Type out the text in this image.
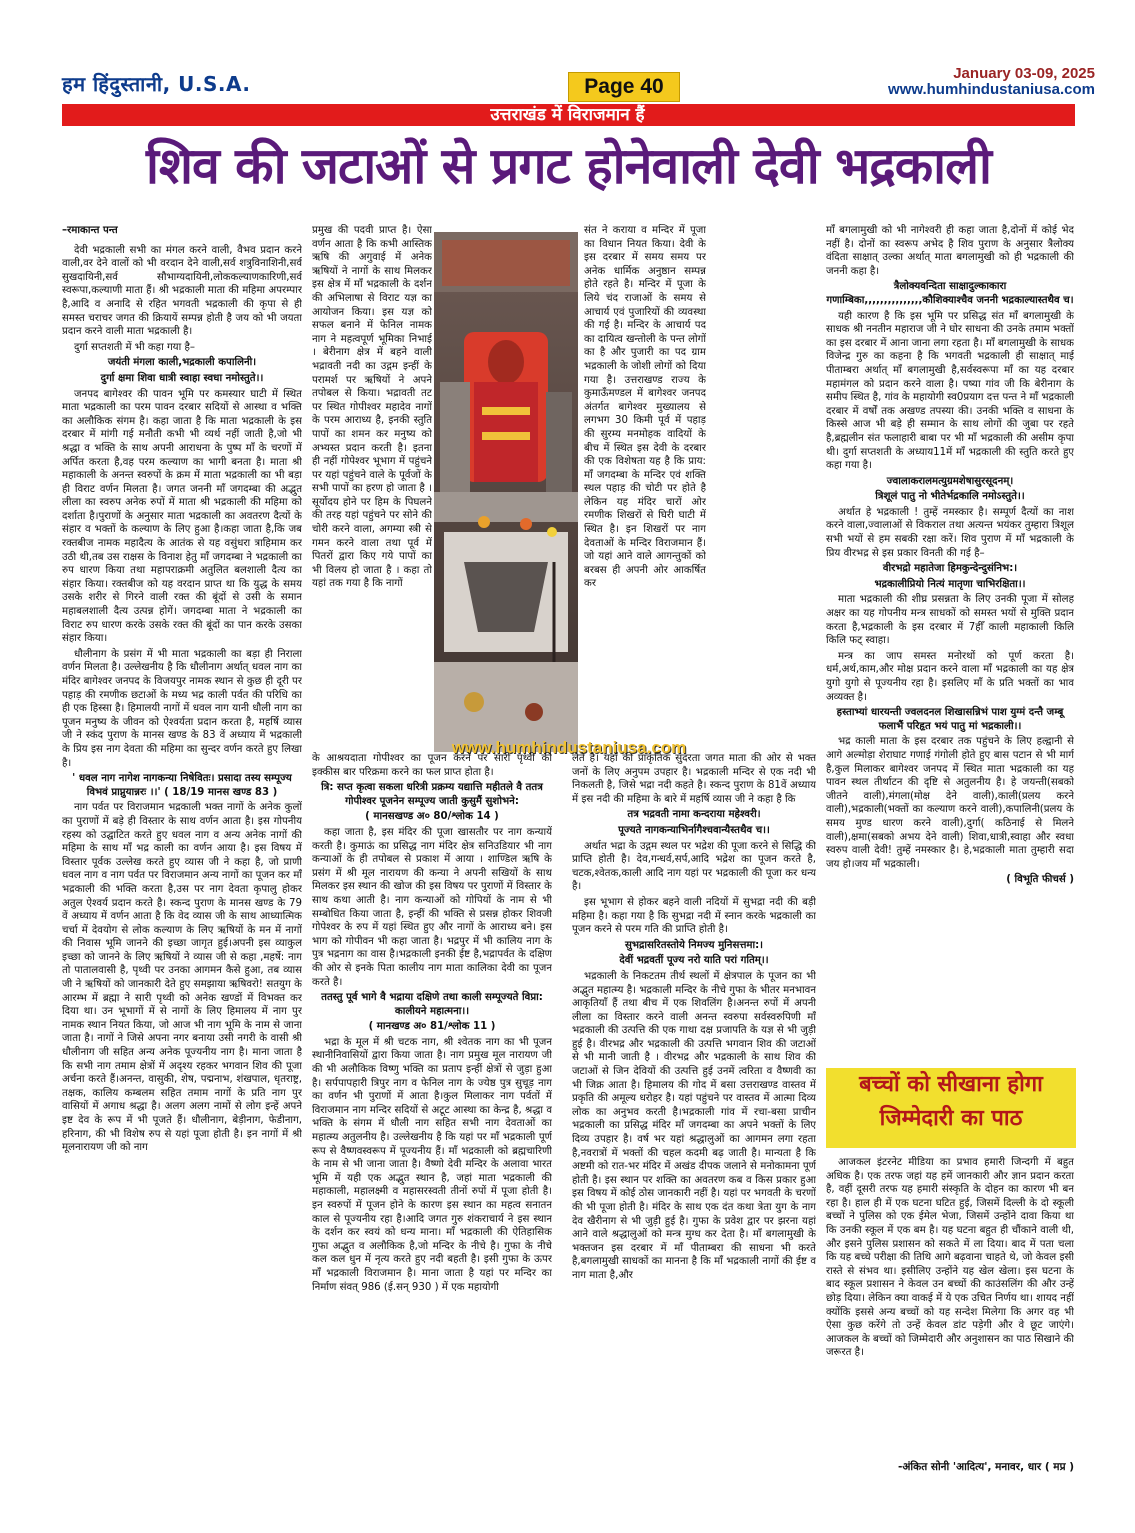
हम हिंदुस्तानी, U.S.A.	Page 40
January 03-09, 2025
www.humhindustaniusa.com
उत्तराखंड में विराजमान हैं
शिव की जटाओं से प्रगट होनेवाली देवी भद्रकाली

–रमाकान्त पन्त

देवी भद्रकाली सभी का मंगल करने वाली, वैभव प्रदान करने वाली,वर देने वालों को भी वरदान देने वाली,सर्व शत्रुविनाशिनी,सर्व सुखदायिनी,सर्व सौभाग्यदायिनी,लोककल्याणकारिणी,सर्व स्वरूपा,कल्याणी माता हैं। श्री भद्रकाली माता की महिमा अपरम्पार है,आदि व अनादि से रहित भगवती भद्रकाली की कृपा से ही समस्त चराचर जगत की क्रियायें सम्पन्न होती है जय को भी जयता प्रदान करने वाली माता भद्रकाली है।

दुर्गा सप्तशती में भी कहा गया है–

जयंती मंगला काली,भद्रकाली कपालिनी।

दुर्गा क्षमा शिवा धात्री स्वाहा स्वधा नमोस्तुते।।

जनपद बागेश्वर की पावन भूमि पर कमस्यार घाटी में स्थित माता भद्रकाली का परम पावन दरबार सदियों से आस्था व भक्ति का अलौकिक संगम है। कहा जाता है कि माता भद्रकाली के इस दरबार में मांगी गई मनौती कभी भी व्यर्थ नहीं जाती है,जो भी श्रद्धा व भक्ति के साथ अपनी आराधना के पुष्प माँ के चरणों में अर्पित करता है,वह परम कल्याण का भागी बनता है। माता श्री महाकाली के अनन्त स्वरुपों के क्रम में माता भद्रकाली का भी बड़ा ही विराट वर्णन मिलता है। जगत जननी माँ जगदम्बा की अद्भुत लीला का स्वरुप अनेक रुपों में माता श्री भद्रकाली की महिमा को दर्शाता है।पुराणों के अनुसार माता भद्रकाली का अवतरण दैत्यों के संहार व भक्तों के कल्याण के लिए हुआ है।कहा जाता है,कि जब रक्तबीज नामक महादैत्य के आतंक से यह वसुंधरा त्राहिमाम कर उठी थी,तब उस राक्षस के विनाश हेतु माँ जगदम्बा ने भद्रकाली का रुप धारण किया तथा महापराक्रमी अतुलित बलशाली दैत्य का संहार किया। रक्तबीज को यह वरदान प्राप्त था कि युद्ध के समय उसके शरीर से गिरने वाली रक्त की बूंदों से उसी के समान महाबलशाली दैत्य उत्पन्न होगें। जगदम्बा माता ने भद्रकाली का विराट रुप धारण करके उसके रक्त की बूंदों का पान करके उसका संहार किया।

धौलीनाग के प्रसंग में भी माता भद्रकाली का बड़ा ही निराला वर्णन मिलता है। उल्लेखनीय है कि धौलीनाग अर्थात् धवल नाग का मंदिर बागेश्वर जनपद के विजयपुर नामक स्थान से कुछ ही दूरी पर पहाड़ की रमणीक छटाओं के मध्य भद्र काली पर्वत की परिधि का ही एक हिस्सा है। हिमालयी नागों में धवल नाग यानी धौली नाग का पूजन मनुष्य के जीवन को ऐश्वर्यता प्रदान करता है, महर्षि व्यास जी ने स्कंद पुराण के मानस खण्ड के 83 वें अध्याय में भद्रकाली के प्रिय इस नाग देवता की महिमा का सुन्दर वर्णन करते हुए लिखा है।

' धवल नाग नागेश नागकन्या निषेवितः। प्रसादा तस्य सम्पूज्य विभवं प्राप्नुयान्नरः ।।' ( 18/19 मानस खण्ड 83 )

नाग पर्वत पर विराजमान भद्रकाली भक्त नागों के अनेक कुलों का पुराणों में बड़े ही विस्तार के साथ वर्णन आता है। इस गोपनीय रहस्य को उद्घाटित करते हुए धवल नाग व अन्य अनेक नागों की महिमा के साथ माँ भद्र काली का वर्णन आया है। इस विषय में विस्तार पूर्वक उल्लेख करते हुए व्यास जी ने कहा है, जो प्राणी धवल नाग व नाग पर्वत पर विराजमान अन्य नागों का पूजन कर माँ भद्रकाली की भक्ति करता है,उस पर नाग देवता कृपालु होकर अतुल ऐश्वर्य प्रदान करते है। स्कन्द पुराण के मानस खण्ड के 79 वें अध्याय में वर्णन आता है कि वेद व्यास जी के साथ आध्यात्मिक चर्चा में देवयोग से लोक कल्याण के लिए ऋषियों के मन में नागों की निवास भूमि जानने की इच्छा जागृत हुई।अपनी इस व्याकुल इच्छा को जानने के लिए ऋषियों ने व्यास जी से कहा ,महर्षे: नाग तो पातालवासी है, पृथ्वी पर उनका आगमन कैसे हुआ, तब व्यास जी ने ऋषियों को जानकारी देते हुए समझाया ऋषिवरो! सतयुग के आरम्भ में ब्रह्मा ने सारी पृथ्वी को अनेक खण्डों में विभक्त कर दिया था। उन भूभागों में से नागों के लिए हिमालय में नाग पुर नामक स्थान नियत किया, जो आज भी नाग भूमि के नाम से जाना जाता है। नागों ने जिसे अपना नगर बनाया उसी नगरी के वासी श्री धौलीनाग जी सहित अन्य अनेक पूज्यनीय नाग है। माना जाता है कि सभी नाग तमाम क्षेत्रों में अदृश्य रहकर भगवान शिव की पूजा अर्चना करते हैं।अनन्त, वासुकी, शेष, पद्मनाभ, शंखपाल, धृतराष्ट्र, तक्षक, कालिय कम्बलम सहित तमाम नागों के प्रति नाग पुर वासियों में अगाध श्रद्धा है। अलग अलग नामों से लोग इन्हें अपने इष्ट देव के रूप में भी पूजते हैं। धौलीनाग, बेड़ीनाग, फेडीनाग, हरिनाग, की भी विशेष रुप से यहां पूजा होती है। इन नागों में श्री मूलनारायण जी को नाग

प्रमुख की पदवी प्राप्त है। ऐसा वर्णन आता है कि कभी आस्तिक ऋषि की अगुवाई में अनेक ऋषियों ने नागों के साथ मिलकर इस क्षेत्र में माँ भद्रकाली के दर्शन की अभिलाषा से विराट यज्ञ का आयोजन किया। इस यज्ञ को सफल बनाने में फेनिल नामक नाग ने महत्वपूर्ण भूमिका निभाई । बेरीनाग क्षेत्र में बहने वाली भद्रावती नदी का उद्गम इन्हीं के परामर्श पर ऋषियों ने अपने तपोबल से किया। भद्रावती तट पर स्थित गोपीश्वर महादेव नागों के परम आराध्य है, इनकी स्तुति पापों का शमन कर मनुष्य को अभ्यस्त प्रदान करती है। इतना ही नहीं गोपेश्वर भूभाग में पहुंचने पर यहां पहुंचने वाले के पूर्वजों के सभी पापों का हरण हो जाता है । सूर्योदय होने पर हिम के पिघलने की तरह यहां पहुंचने पर सोने की चोरी करने वाला, अगम्या स्त्री से गमन करने वाला तथा पूर्व में पितरों द्वारा किए गये पापों का भी विलय हो जाता है । कहा तो यहां तक गया है कि नागों

www.humhindustaniusa.com

के आश्रयदाता गोपीश्वर का पूजन करने पर सारी पृथ्वी की इक्कीस बार परिक्रमा करने का फल प्राप्त होता है।

त्रि: सप्त कृत्वा सकला धरित्री प्रक्रम्य यद्यात्ति महीतले वै ततत्र गोपीश्वर पूजनेन सम्पूज्य जाती कुसुमैं सुशोभने:

( मानसखण्ड अ० 80/श्लोक 14 )

कहा जाता है, इस मंदिर की पूजा खासतौर पर नाग कन्यायें करती है। कुमाऊं का प्रसिद्ध नाग मंदिर क्षेत्र सनिउडियार भी नाग कन्याओं के ही तपोबल से प्रकाश में आया । शाण्डिल ऋषि के प्रसंग में श्री मूल नारायण की कन्या ने अपनी सखियों के साथ मिलकर इस स्थान की खोज की इस विषय पर पुराणों में विस्तार के साथ कथा आती है। नाग कन्याओं को गोपियों के नाम से भी सम्बोधित किया जाता है, इन्हीं की भक्ति से प्रसन्न होकर शिवजी गोपेश्वर के रुप में यहां स्थित हुए और नागों के आराध्य बने। इस भाग को गोपीवन भी कहा जाता है। भद्रपुर में भी कालिय नाग के पुत्र भद्रनाग का वास है।भद्रकाली इनकी ईष्ट है,भद्रापर्वत के दक्षिण की ओर से इनके पिता कालीय नाग माता कालिका देवी का पूजन करते है।

ततस्तु पूर्व भागे वै भद्राया दक्षिणे तथा काली सम्पूज्यते विप्रा: कालीयने महात्मना।।

( मानखण्ड अ० 81/श्लोक 11 )

भद्रा के मूल में श्री चटक नाग, श्री श्वेतक नाग का भी पूजन स्थानीनिवासियों द्वारा किया जाता है। नाग प्रमुख मूल नारायण जी की भी अलौकिक विष्णु भक्ति का प्रताप इन्हीं क्षेत्रों से जुड़ा हुआ है। सर्पपापहारी त्रिपुर नाग व फेनिल नाग के ज्येष्ठ पुत्र सुचूड़ नाग का वर्णन भी पुराणों में आता है।कुल मिलाकर नाग पर्वतों में विराजमान नाग मन्दिर सदियों से अटूट आस्था का केन्द्र है, श्रद्धा व भक्ति के संगम में धौली नाग सहित सभी नाग देवताओं का महात्म्य अतुलनीय है। उल्लेखनीय है कि यहां पर माँ भद्रकाली पूर्ण रूप से वैष्णवस्वरूप में पूज्यनीय हैं। माँ भद्रकाली को ब्रह्मचारिणी के नाम से भी जाना जाता है। वैष्णो देवी मन्दिर के अलावा भारत भूमि में यही एक अद्भुत स्थान है, जहां माता भद्रकाली की महाकाली, महालक्ष्मी व महासरस्वती तीनों रुपों में पूजा होती है। इन स्वरुपों में पूजन होने के कारण इस स्थान का महत्व सनातन काल से पूज्यनीय रहा है।आदि जगत गुरु शंकराचार्य ने इस स्थान के दर्शन कर स्वयं को धन्य माना। माँ भद्रकाली की ऐतिहासिक गुफा अद्भुत व अलौकिक है,जो मन्दिर के नीचे है। गुफा के नीचे कल कल धुन में नृत्य करते हुए नदी बहती है। इसी गुफा के ऊपर माँ भद्रकाली विराजमान है। माना जाता है यहां पर मन्दिर का निर्माण संवत् 986 (ई.सन् 930 ) में एक महायोगी

संत ने कराया व मन्दिर में पूजा का विधान नियत किया। देवी के इस दरबार में समय समय पर अनेक धार्मिक अनुष्ठान सम्पन्न होते रहते है। मन्दिर में पूजा के लिये चंद राजाओं के समय से आचार्य एवं पुजारियों की व्यवस्था की गई है। मन्दिर के आचार्य पद का दायित्व खन्तोली के पन्त लोगों का है और पुजारी का पद ग्राम भद्रकाली के जोशी लोगों को दिया गया है। उत्तराखण्ड राज्य के कुमाऊँमण्डल में बागेश्वर जनपद अंतर्गत बागेश्वर मुख्यालय से लगभग 30 किमी पूर्व में पहाड़ की सुरम्य मनमोहक वादियों के बीच में स्थित इस देवी के दरबार की एक विशेषता यह है कि प्राय: माँ जगदम्बा के मन्दिर एवं शक्ति स्थल पहाड़ की चोटी पर होते है लेकिन यह मंदिर चारों ओर रमणीक शिखरों से घिरी घाटी में स्थित है। इन शिखरों पर नाग देवताओं के मन्दिर विराजमान हैं। जो यहां आने वाले आगन्तुकों को बरबस ही अपनी ओर आकर्षित कर

लेते है। यहाँ की प्राकृतिक सुंदरता जगत माता की ओर से भक्त जनों के लिए अनुपम उपहार है। भद्रकाली मन्दिर से एक नदी भी निकलती है, जिसे भद्रा नदी कहते है। स्कन्द पुराण के 81वें अध्याय में इस नदी की महिमा के बारे में महर्षि व्यास जी ने कहा है कि

तत्र भद्रवती नामा कन्दराया महेश्वरी।

पूज्यते नागकन्याभिर्नागैश्चवान्यैस्तथैव च।।

अर्थात भद्रा के उद्गम स्थल पर भद्रेश की पूजा करने से सिद्धि की प्राप्ति होती है। देव,गन्धर्व,सर्प,आदि भद्रेश का पूजन करते है, चटक,श्वेतक,काली आदि नाग यहां पर भद्रकाली की पूजा कर धन्य है।

इस भूभाग से होकर बहने वाली नदियों में सुभद्रा नदी की बड़ी महिमा है। कहा गया है कि सुभद्रा नदी में स्नान करके भद्रकाली का पूजन करने से परम गति की प्राप्ति होती है।

सुभद्रासरितस्तोये निमज्य मुनिसत्तमा:।

देवीं भद्रवतीं पूज्य नरो याति परां गतिम्।।

भद्रकाली के निकटतम तीर्थ स्थलों में क्षेत्रपाल के पूजन का भी अद्भुत महात्म्य है। भद्रकाली मन्दिर के नीचे गुफा के भीतर मनभावन आकृतियाँ हैं तथा बीच में एक शिवलिंग है।अनन्त रुपों में अपनी लीला का विस्तार करने वाली अनन्त स्वरुपा सर्वस्वरुपिणी माँ भद्रकाली की उत्पत्ति की एक गाथा दक्ष प्रजापति के यज्ञ से भी जुड़ी हुई है। वीरभद्र और भद्रकाली की उत्पत्ति भगवान शिव की जटाओं से भी मानी जाती है । वीरभद्र और भद्रकाली के साथ शिव की जटाओं से जिन देवियों की उत्पत्ति हुई उनमें त्वरिता व वैष्णवी का भी जिक्र आता है। हिमालय की गोद में बसा उत्तराखण्ड वास्तव में प्रकृति की अमूल्य धरोहर है। यहां पहुंचने पर वास्तव में आत्मा दिव्य लोक का अनुभव करती है।भद्रकाली गांव में रचा-बसा प्राचीन भद्रकाली का प्रसिद्ध मंदिर माँ जगदम्बा का अपने भक्तों के लिए दिव्य उपहार है। वर्ष भर यहां श्रद्धालुओं का आगमन लगा रहता है,नवरात्रों में भक्तों की चहल कदमी बढ़ जाती है। मान्यता है कि अष्टमी को रात-भर मंदिर में अखंड दीपक जलाने से मनोकामना पूर्ण होती है। इस स्थान पर शक्ति का अवतरण कब व किस प्रकार हुआ इस विषय में कोई ठोस जानकारी नहीं है। यहां पर भगवती के चरणों की भी पूजा होती है। मंदिर के साथ एक दंत कथा त्रेता युग के नाग देव खैरीनाग से भी जुड़ी हुई है। गुफा के प्रवेश द्वार पर झरना यहां आने वाले श्रद्धालुओं को मन्त्र मुग्ध कर देता है। माँ बगलामुखी के भक्तजन इस दरबार में माँ पीताम्बरा की साधना भी करते है,बगलामुखी साधकों का मानना है कि माँ भद्रकाली नागों की ईष्ट व नाग माता है,और

माँ बगलामुखी को भी नागेश्वरी ही कहा जाता है,दोनों में कोई भेद नहीं है। दोनों का स्वरूप अभेद है शिव पुराण के अनुसार त्रैलोक्य वंदिता साक्षात् उल्का अर्थात् माता बगलामुखी को ही भद्रकाली की जननी कहा है।

त्रैलोक्यवन्दिता साक्षादुल्काकारा गणाम्बिका,,,,,,,,,,,,,,,कौशिक्याश्चैव जननी भद्रकाल्यास्तथैव च।

यही कारण है कि इस भूमि पर प्रसिद्ध संत माँ बगलामुखी के साधक श्री ननतीन महाराज जी ने घोर साधना की उनके तमाम भक्तों का इस दरबार में आना जाना लगा रहता है। माँ बगलामुखी के साधक विजेन्द्र गुरु का कहना है कि भगवती भद्रकाली ही साक्षात् माई पीताम्बरा अर्थात् माँ बगलामुखी है,सर्वस्वरूपा माँ का यह दरबार महामंगल को प्रदान करने वाला है। पष्या गांव जी कि बेरीनाग के समीप स्थित है, गांव के महायोगी स्व0प्रयाग दत्त पन्त ने माँ भद्रकाली दरबार में वर्षों तक अखण्ड तपस्या की। उनकी भक्ति व साधना के किस्से आज भी बड़े ही सम्मान के साथ लोगों की जुबा पर रहते है,ब्रह्मलीन संत फलाहारी बाबा पर भी माँ भद्रकाली की असीम कृपा थी। दुर्गा सप्तशती के अध्याय11में माँ भद्रकाली की स्तुति करते हुए कहा गया है।

ज्वालाकरालमत्युग्रमशेषासुरसूदनम्।

त्रिशूलं पातु नो भीतेर्भद्रकालि नमोऽस्तुते।।

अर्थात हे भद्रकाली ! तुम्हें नमस्कार है। सम्पूर्ण दैत्यों का नाश करने वाला,ज्वालाओं से विकराल तथा अत्यन्त भयंकर तुम्हारा त्रिशूल सभी भयों से हम सबकी रक्षा करें। शिव पुराण में माँ भद्रकाली के प्रिय वीरभद्र से इस प्रकार विनती की गई है–

वीरभद्रो महातेजा हिमकुन्देन्दुसंनिभ:।

भद्रकालीप्रियो नित्यं मातृणा चाभिरक्षिता।।

माता भद्रकाली की शीघ्र प्रसन्नता के लिए उनकी पूजा में सोलह अक्षर का यह गोपनीय मन्त्र साधकों को समस्त भयों से मुक्ति प्रदान करता है,भद्रकाली के इस दरबार में 7हीँ काली महाकाली किलि किलि फट् स्वाहा।

मन्त्र का जाप समस्त मनोरथों को पूर्ण करता है। धर्म,अर्थ,काम,और मोक्ष प्रदान करने वाला माँ भद्रकाली का यह क्षेत्र युगो युगो से पूज्यनीय रहा है। इसलिए माँ के प्रति भक्तों का भाव अव्यक्त है।

हस्ताभ्यां धारयन्ती ज्वलदनल शिखासन्निभं पाश युग्मं दन्तै जम्बू फलाभैं परिहृत भयं पातु मां भद्रकाली।।

भद्र काली माता के इस दरबार तक पहुंचने के लिए हल्द्वानी से आगे अल्मोड़ा शेराघाट गणाई गंगोली होते हुए बास पटान से भी मार्ग है,कुल मिलाकर बागेश्वर जनपद में स्थित माता भद्रकाली का यह पावन स्थल तीर्थाटन की दृष्टि से अतुलनीय है। हे जयन्ती(सबको जीतने वाली),मंगला(मोक्ष देने वाली),काली(प्रलय करने वाली),भद्रकाली(भक्तों का कल्याण करने वाली),कपालिनी(प्रलय के समय मुण्ड धारण करने वाली),दुर्गा( कठिनाई से मिलने वाली),क्षमा(सबको अभय देने वाली) शिवा,धात्री,स्वाहा और स्वधा स्वरुप वाली देवी! तुम्हें नमस्कार है। हे,भद्रकाली माता तुम्हारी सदा जय हो।जय माँ भद्रकाली।

( विभूति फीचर्स )

बच्चों को सीखाना होगा
जिम्मेदारी का पाठ

आजकल इंटरनेट मीडिया का प्रभाव हमारी जिन्दगी में बहुत अधिक है। एक तरफ जहां यह हमें जानकारी और ज्ञान प्रदान करता है, वहीं दूसरी तरफ यह हमारी संस्कृति के दोहन का कारण भी बन रहा है। हाल ही में एक घटना घटित हुई, जिसमें दिल्ली के दो स्कूली बच्चों ने पुलिस को एक ईमेल भेजा, जिसमें उन्होंने दावा किया था कि उनकी स्कूल में एक बम है। यह घटना बहुत ही चौंकाने वाली थी, और इसने पुलिस प्रशासन को सकते में ला दिया। बाद में पता चला कि यह बच्चे परीक्षा की तिथि आगे बढ़वाना चाहते थे, जो केवल इसी रास्ते से संभव था। इसीलिए उन्होंने यह खेल खेला। इस घटना के बाद स्कूल प्रशासन ने केवल उन बच्चों की काउंसलिंग की और उन्हें छोड़ दिया। लेकिन क्या वाकई में ये एक उचित निर्णय था। शायद नहीं क्योंकि इससे अन्य बच्चों को यह सन्देश मिलेगा कि अगर वह भी ऐसा कुछ करेंगे तो उन्हें केवल डांट पड़ेगी और वे छूट जाएंगे। आजकल के बच्चों को जिम्मेदारी और अनुशासन का पाठ सिखाने की जरूरत है।

-अंकित सोनी 'आदित्य', मनावर, धार ( मप्र )
